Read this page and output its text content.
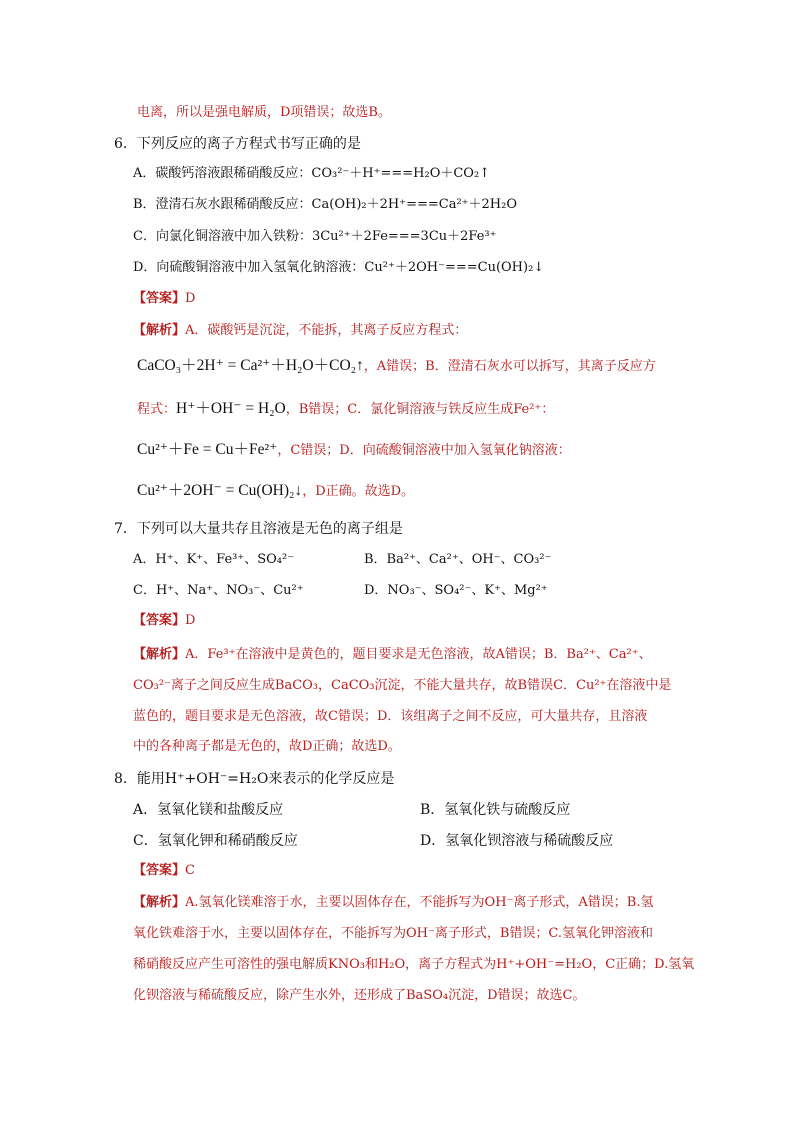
电离，所以是强电解质，D项错误；故选B。
6．下列反应的离子方程式书写正确的是
A．碳酸钙溶液跟稀硝酸反应：CO₃²⁻＋H⁺===H₂O＋CO₂↑
B．澄清石灰水跟稀硝酸反应：Ca(OH)₂＋2H⁺===Ca²⁺＋2H₂O
C．向氯化铜溶液中加入铁粉：3Cu²⁺＋2Fe===3Cu＋2Fe³⁺
D．向硫酸铜溶液中加入氢氧化钠溶液：Cu²⁺＋2OH⁻===Cu(OH)₂↓
【答案】D
【解析】A．碳酸钙是沉淀，不能拆，其离子反应方程式：
CaCO₃＋2H⁺ = Ca²⁺＋H₂O＋CO₂↑，A错误；B．澄清石灰水可以拆写，其离子反应方
程式：H⁺＋OH⁻ = H₂O，B错误；C．氯化铜溶液与铁反应生成Fe²⁺：
Cu²⁺＋Fe = Cu＋Fe²⁺，C错误；D．向硫酸铜溶液中加入氢氧化钠溶液：
Cu²⁺＋2OH⁻ = Cu(OH)₂↓，D正确。故选D。
7．下列可以大量共存且溶液是无色的离子组是
A．H⁺、K⁺、Fe³⁺、SO₄²⁻	B．Ba²⁺、Ca²⁺、OH⁻、CO₃²⁻
C．H⁺、Na⁺、NO₃⁻、Cu²⁺	D．NO₃⁻、SO₄²⁻、K⁺、Mg²⁺
【答案】D
【解析】A．Fe³⁺在溶液中是黄色的，题目要求是无色溶液，故A错误；B．Ba²⁺、Ca²⁺、
CO₃²⁻离子之间反应生成BaCO₃，CaCO₃沉淀，不能大量共存，故B错误C．Cu²⁺在溶液中是
蓝色的，题目要求是无色溶液，故C错误；D．该组离子之间不反应，可大量共存，且溶液
中的各种离子都是无色的，故D正确；故选D。
8．能用H⁺+OH⁻=H₂O来表示的化学反应是
A．氢氧化镁和盐酸反应	B．氢氧化铁与硫酸反应
C．氢氧化钾和稀硝酸反应	D．氢氧化钡溶液与稀硫酸反应
【答案】C
【解析】A.氢氧化镁难溶于水，主要以固体存在，不能拆写为OH⁻离子形式，A错误；B.氢
氧化铁难溶于水，主要以固体存在，不能拆写为OH⁻离子形式，B错误；C.氢氧化钾溶液和
稀硝酸反应产生可溶性的强电解质KNO₃和H₂O，离子方程式为H⁺+OH⁻=H₂O，C正确；D.氢氧
化钡溶液与稀硫酸反应，除产生水外，还形成了BaSO₄沉淀，D错误；故选C。
